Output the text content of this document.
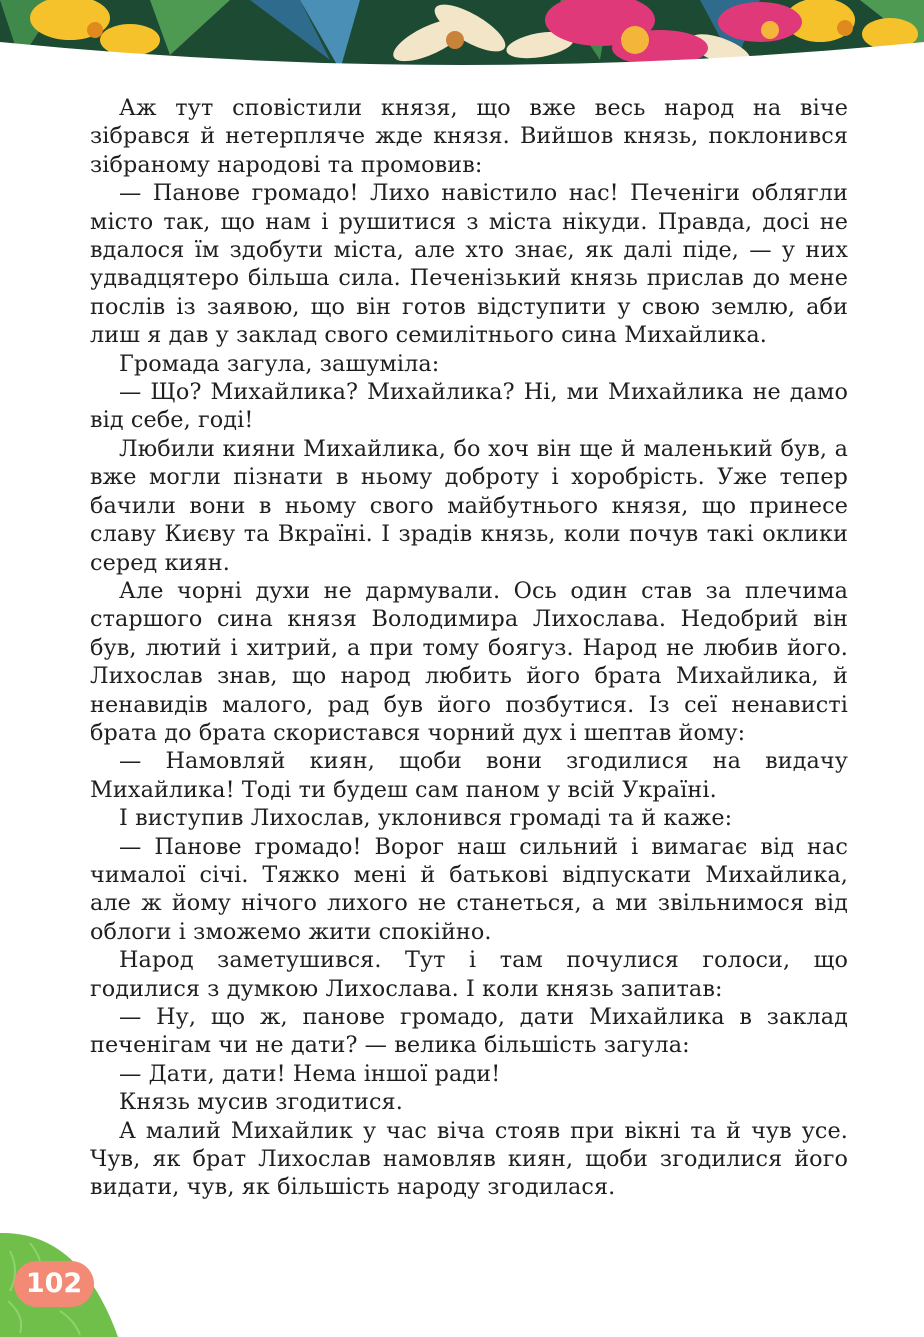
Аж тут сповістили князя, що вже весь народ на віче зібрався й нетерпляче жде князя. Вийшов князь, поклонився зібраному народові та промовив:

— Панове громадо! Лихо навістило нас! Печеніги облягли місто так, що нам і рушитися з міста нікуди. Правда, досі не вдалося їм здобути міста, але хто знає, як далі піде, — у них удвадцятеро більша сила. Печенізький князь прислав до мене послів із заявою, що він готов відступити у свою землю, аби лиш я дав у заклад свого семилітнього сина Михайлика.

Громада загула, зашуміла:

— Що? Михайлика? Михайлика? Ні, ми Михайлика не дамо від себе, годі!

Любили кияни Михайлика, бо хоч він ще й маленький був, а вже могли пізнати в ньому доброту і хоробрість. Уже тепер бачили вони в ньому свого майбутнього князя, що принесе славу Києву та Вкраїні. І зрадів князь, коли почув такі оклики серед киян.

Але чорні духи не дармували. Ось один став за плечима старшого сина князя Володимира Лихослава. Недобрий він був, лютий і хитрий, а при тому боягуз. Народ не любив його. Лихослав знав, що народ любить його брата Михайлика, й ненавидів малого, рад був його позбутися. Із сеї ненависті брата до брата скористався чорний дух і шептав йому:

— Намовляй киян, щоби вони згодилися на видачу Михайлика! Тоді ти будеш сам паном у всій Україні.

І виступив Лихослав, уклонився громаді та й каже:

— Панове громадо! Ворог наш сильний і вимагає від нас чималої січі. Тяжко мені й батькові відпускати Михайлика, але ж йому нічого лихого не станеться, а ми звільнимося від облоги і зможемо жити спокійно.

Народ заметушився. Тут і там почулися голоси, що годилися з думкою Лихослава. І коли князь запитав:

— Ну, що ж, панове громадо, дати Михайлика в заклад печенігам чи не дати? — велика більшість загула:

— Дати, дати! Нема іншої ради!

Князь мусив згодитися.

А малий Михайлик у час віча стояв при вікні та й чув усе. Чув, як брат Лихослав намовляв киян, щоби згодилися його видати, чув, як більшість народу згодилася.

102
